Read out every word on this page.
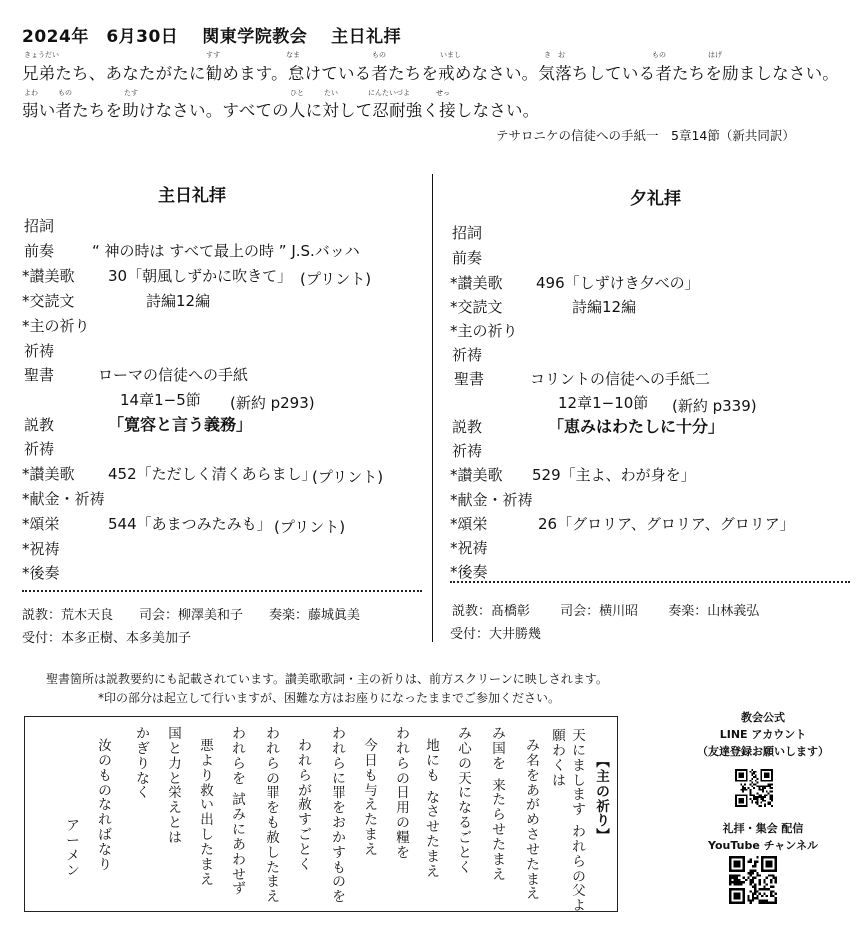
2024年　6月30日　 関東学院教会　 主日礼拝
きょうだい	すす	なま	もの	いまし	き　お	もの	はげ
兄弟たち、あなたがたに勧めます。怠けている者たちを戒めなさい。気落ちしている者たちを励ましなさい。
よわ	もの	たす	ひと	たい	にんたいづよ	せっ
弱い者たちを助けなさい。すべての人に対して忍耐強く接しなさい。
テサロニケの信徒への手紙一　5章14節（新共同訳）
主日礼拝
招詞
前奏	“ 神の時は すべて最上の時 ” J.S.バッハ
*讃美歌 30「朝風しずかに吹きて」 (プリント)
*交読文	詩編12編
*主の祈り
祈祷
聖書	ローマの信徒への手紙
14章1−5節 (新約 p293)
説教	「寛容と言う義務」
祈祷
*讃美歌 452「ただしく清くあらまし」
(プリント)
*献金・祈祷
*頌栄	544「あまつみたみも」 (プリント)
*祝祷
*後奏
説教：荒木天良　　司会：柳澤美和子　　奏楽：藤城眞美
受付：本多正樹、本多美加子
夕礼拝
招詞
前奏
*讃美歌 496「しずけき夕べの」
*交読文	詩編12編
*主の祈り
祈祷
聖書	コリントの信徒への手紙二
12章1−10節 (新約 p339)
説教	「恵みはわたしに十分」
祈祷
*讃美歌 529「主よ、わが身を」
*献金・祈祷
*頌栄	26「グロリア、グロリア、グロリア」
*祝祷
*後奏
説教：髙橋彰　　 司会：横川昭　　 奏楽：山林義弘
受付：大井勝幾
聖書箇所は説教要約にも記載されています。讃美歌歌詞・主の祈りは、前方スクリーンに映しされます。
*印の部分は起立して行いますが、困難な方はお座りになったままでご参加ください。
︻
主
の
祈
り
︼
天
に
ま
し
ま
す
わ
れ
ら
の
父
よ
願
わ
く
は
み
名
を
あ
が
め
さ
せ
た
ま
え
み
国
を
来
た
ら
せ
た
ま
え
み
心
の
天
に
な
る
ご
と
く
地
に
も
な
さ
せ
た
ま
え
わ
れ
ら
の
日
用
の
糧
を
今
日
も
与
え
た
ま
え
わ
れ
ら
に
罪
を
お
か
す
も
の
を
わ
れ
ら
が
赦
す
ご
と
く
わ
れ
ら
の
罪
を
も
赦
し
た
ま
え
わ
れ
ら
を
試
み
に
あ
わ
せ
ず
悪
よ
り
救
い
出
し
た
ま
え
国
と
力
と
栄
え
と
は
か
ぎ
り
な
く
汝
の
も
の
な
れ
ば
な
り
ア
ー
メ
ン
教会公式
LINE アカウント
（友達登録お願いします）
礼拝・集会 配信
YouTube チャンネル
